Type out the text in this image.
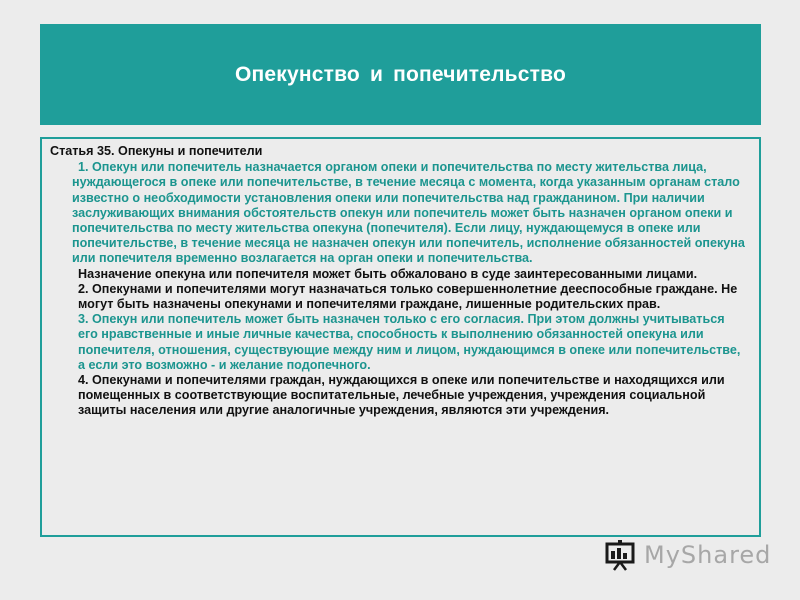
Опекунство и попечительство

Статья 35. Опекуны и попечители

1. Опекун или попечитель назначается органом опеки и попечительства по месту жительства лица, нуждающегося в опеке или попечительстве, в течение месяца с момента, когда указанным органам стало известно о необходимости установления опеки или попечительства над гражданином. При наличии заслуживающих внимания обстоятельств опекун или попечитель может быть назначен органом опеки и попечительства по месту жительства опекуна (попечителя). Если лицу, нуждающемуся в опеке или попечительстве, в течение месяца не назначен опекун или попечитель, исполнение обязанностей опекуна или попечителя временно возлагается на орган опеки и попечительства.

Назначение опекуна или попечителя может быть обжаловано в суде заинтересованными лицами.

2. Опекунами и попечителями могут назначаться только совершеннолетние дееспособные граждане. Не могут быть назначены опекунами и попечителями граждане, лишенные родительских прав.

3. Опекун или попечитель может быть назначен только с его согласия. При этом должны учитываться его нравственные и иные личные качества, способность к выполнению обязанностей опекуна или попечителя, отношения, существующие между ним и лицом, нуждающимся в опеке или попечительстве, а если это возможно - и желание подопечного.

4. Опекунами и попечителями граждан, нуждающихся в опеке или попечительстве и находящихся или помещенных в соответствующие воспитательные, лечебные учреждения, учреждения социальной защиты населения или другие аналогичные учреждения, являются эти учреждения.

MyShared
